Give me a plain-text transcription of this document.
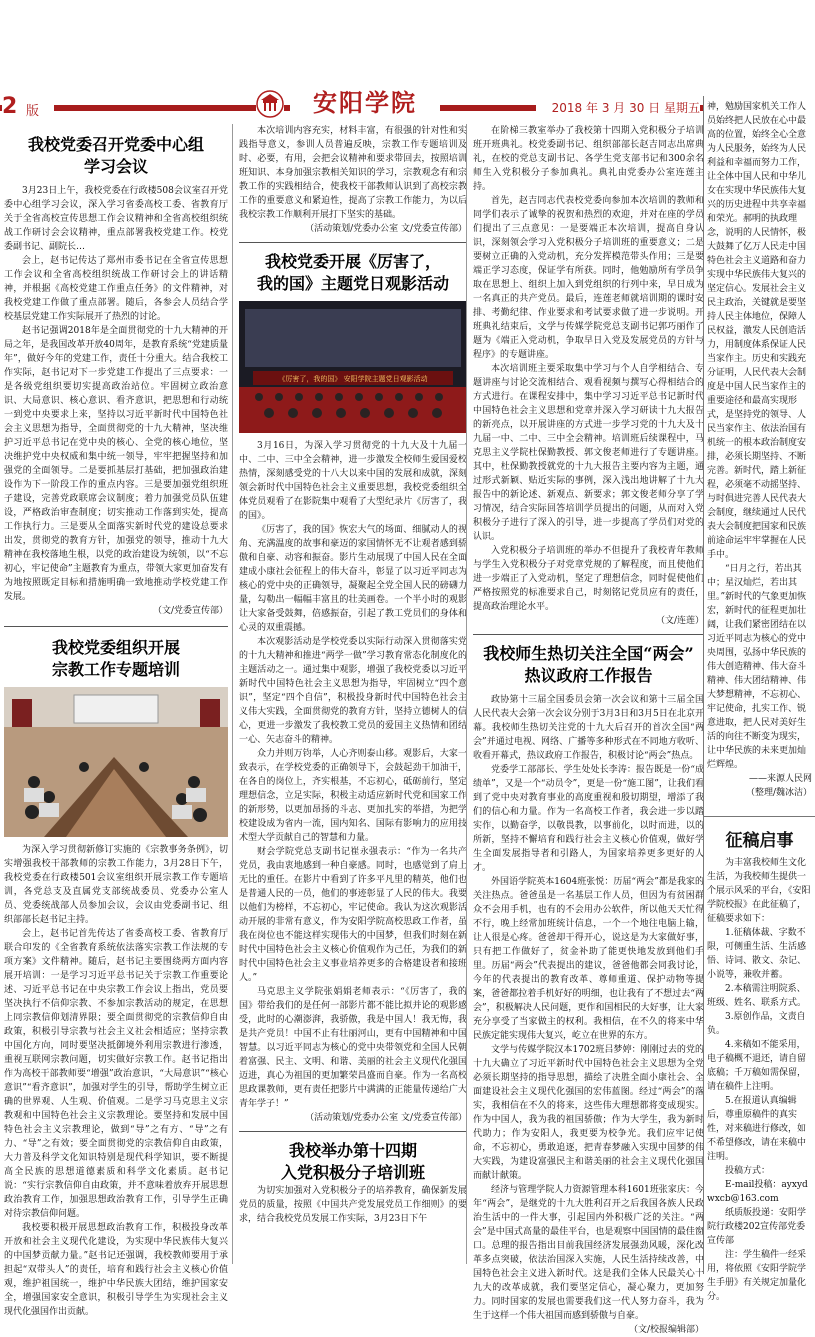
2 版	安阳学院	2018 年 3 月 30 日 星期五
我校党委召开党委中心组
学习会议

3月23日上午，我校党委在行政楼508会议室召开党委中心组学习会议，深入学习省委高校工委、省教育厅关于全省高校宣传思想工作会议精神和全省高校组织统战工作研讨会会议精神，重点部署我校党建工作。校党委副书记、副院长…

会上，赵书记传达了郑州市委书记在全省宣传思想工作会议和全省高校组织统战工作研讨会上的讲话精神，并根据《高校党建工作重点任务》的文件精神，对我校党建工作做了重点部署。随后，各参会人员结合学校基层党建工作实际展开了热烈的讨论。

赵书记强调2018年是全面贯彻党的十九大精神的开局之年，是我国改革开放40周年，是教育系统“党建质量年”，做好今年的党建工作，责任十分重大。结合我校工作实际，赵书记对下一步党建工作提出了三点要求：一是各级党组织要切实提高政治站位。牢固树立政治意识、大局意识、核心意识、看齐意识，把思想和行动统一到党中央要求上来，坚持以习近平新时代中国特色社会主义思想为指导，全面贯彻党的十九大精神，坚决维护习近平总书记在党中央的核心、全党的核心地位，坚决维护党中央权威和集中统一领导，牢牢把握坚持和加强党的全面领导。二是要抓基层打基础，把加强政治建设作为下一阶段工作的重点内容。三是要加强党组织班子建设，完善党政联席会议制度；着力加强党员队伍建设，严格政治审查制度；切实推动工作落到实处，提高工作执行力。三是要从全面落实新时代党的建设总要求出发，贯彻党的教育方针，加强党的领导，推动十九大精神在我校落地生根，以党的政治建设为统领，以“不忘初心，牢记使命”主题教育为重点，带领大家更加奋发有为地按照既定目标和措施明确一致地推动学校党建工作发展。

（文/党委宣传部）

我校党委组织开展
宗教工作专题培训

为深入学习贯彻新修订实施的《宗教事务条例》，切实增强我校干部教师的宗教工作能力，3月28日下午，我校党委在行政楼501会议室组织开展宗教工作专题培训，各党总支及直属党支部统战委员、党委办公室人员、党委统战部人员参加会议，会议由党委副书记、组织部部长赵书记主持。

会上，赵书记首先传达了省委高校工委、省教育厅联合印发的《全省教育系统依法落实宗教工作法规的专项方案》文件精神。随后，赵书记主要围绕两方面内容展开培训：一是学习习近平总书记关于宗教工作重要论述、习近平总书记在中央宗教工作会议上指出，党员要坚决执行不信仰宗教、不参加宗教活动的规定，在思想上同宗教信仰划清界限；要全面贯彻党的宗教信仰自由政策，积极引导宗教与社会主义社会相适应；坚持宗教中国化方向，同时要坚决抵御境外利用宗教进行渗透，重视互联网宗教问题，切实做好宗教工作。赵书记指出作为高校干部教师要“增强”政治意识，“大局意识”“核心意识”“看齐意识”，加强对学生的引导，帮助学生树立正确的世界观、人生观、价值观。二是学习马克思主义宗教观和中国特色社会主义宗教理论。要坚持和发展中国特色社会主义宗教理论，做到“导”之有方、“导”之有力、“导”之有效；要全面贯彻党的宗教信仰自由政策，大力普及科学文化知识特别是现代科学知识，要不断提高全民族的思想道德素质和科学文化素质。赵书记说：“实行宗教信仰自由政策，并不意味着放弃开展思想政治教育工作，加强思想政治教育工作，引导学生正确对待宗教信仰问题。

我校要积极开展思想政治教育工作，积极投身改革开放和社会主义现代化建设，为实现中华民族伟大复兴的中国梦贡献力量。”赵书记还强调，我校教师要用于承担起“双带头人”的责任，培育和践行社会主义核心价值观，维护祖国统一，维护中华民族大团结，维护国家安全，增强国家安全意识，积极引导学生为实现社会主义现代化强国作出贡献。

本次培训内容充实，材料丰富，有很强的针对性和实践指导意义，参训人员普遍反映，宗教工作专题培训及时、必要，有用，会把会议精神和要求带回去，按照培训班知识、本身加强宗教相关知识的学习，宗教观念有和宗教工作的实践相结合，使我校干部教师认识到了高校宗教工作的重要意义和紧迫性，提高了宗教工作能力，为以后我校宗教工作顺利开展打下坚实的基础。

（活动策划/党委办公室 文/党委宣传部）

我校党委开展《厉害了，
我的国》主题党日观影活动
《厉害了，我的国》 安阳学院主题党日观影活动

3月16日，为深入学习贯彻党的十九大及十九届一中、二中、三中全会精神，进一步激发全校师生爱国爱校热情，深刻感受党的十八大以来中国的发展和成就，深刻领会新时代中国特色社会主义重要思想，我校党委组织全体党员观看了在影院集中观看了大型纪录片《厉害了，我的国》。

《厉害了，我的国》恢宏大气的场面、细腻动人的视角、充满温度的故事和豪迈的家国情怀无不让观者感到骄傲和自豪、动容和振奋。影片生动展现了中国人民在全面建成小康社会征程上的伟大奋斗，彰显了以习近平同志为核心的党中央的正确领导，凝聚起全党全国人民的磅礴力量，勾勒出一幅幅丰富且的壮美画卷。一个半小时的观影让大家备受鼓舞，倍感振奋，引起了教工党员们的身体和心灵的双重震撼。

本次观影活动是学校党委以实际行动深入贯彻落实党的十九大精神和推进“两学一做”学习教育常态化制度化的主题活动之一。通过集中观影，增强了我校党委以习近平新时代中国特色社会主义思想为指导，牢固树立“四个意识”，坚定“四个自信”，积极投身新时代中国特色社会主义伟大实践，全面贯彻党的教育方针，坚持立德树人的信心，更进一步激发了我校教工党员的爱国主义热情和团结一心、矢志奋斗的精神。

众力并则万钧举，人心齐则泰山移。观影后，大家一致表示，在学校党委的正确领导下，会鼓起劲干加油干，在各自的岗位上，齐实根基，不忘初心，砥砺前行，坚定理想信念，立足实际，积极主动适应新时代党和国家工作的新形势，以更加昂扬的斗志、更加扎实的举措，为把学校建设成为省内一流，国内知名、国际有影响力的应用技术型大学贡献自己的智慧和力量。

财会学院党总支副书记崔永强表示：“作为一名共产党员，我由衷地感到一种自豪感。同时，也感觉到了肩上无比的重任。在影片中看到了许多平凡里的精英，他们也是普通人民的一员，他们的事迹彰显了人民的伟大。我要以他们为榜样，不忘初心，牢记使命。我认为这次观影活动开展的非常有意义，作为安阳学院高校思政工作者，虽我在岗位也不能这样实现伟大的中国梦，但我们时刻在新时代中国特色社会主义核心价值观作为己任，为我们的新时代中国特色社会主义事业培养更多的合格建设者和接班人。”

马克思主义学院张娟娟老师表示：“《厉害了，我的国》带给我们的是任何一部影片都不能比拟并论的观影感受，此时的心潮澎湃，我骄傲，我是中国人！我无悔，我是共产党员！中国不止有壮丽河山，更有中国精神和中国智慧。以习近平同志为核心的党中央带领党和全国人民朝着富强、民主、文明、和谐、美丽的社会主义现代化强国迈进，真心为祖国的更加繁荣昌盛而自豪。作为一名高校思政课教师，更有责任把影片中满满的正能量传递给广大青年学子！”

（活动策划/党委办公室 文/党委宣传部）

我校举办第十四期
入党积极分子培训班

为切实加强对入党积极分子的培养教育，确保新发展党员的质量，按照《中国共产党发展党员工作细则》的要求，结合我校党员发展工作实际，3月23日下午

在阶梯三教室举办了我校第十四期入党积极分子培训班开班典礼。校党委副书记、组织部部长赵吉同志出席典礼，在校的党总支副书记、各学生党支部书记和300余名师生入党积极分子参加典礼。典礼由党委办公室连莲主持。

首先，赵吉同志代表校党委向参加本次培训的教师和同学们表示了诚挚的祝贺和热烈的欢迎，并对在座的学员们提出了三点意见：一是要端正本次培训，提高自身认识，深刻领会学习入党积极分子培训班的重要意义；二是要树立正确的入党动机，充分发挥模范带头作用；三是要端正学习态度，保证学有所获。同时，他勉励所有学员争取在思想上、组织上加入到党组织的行列中来，早日成为一名真正的共产党员。最后，连莲老师就培训期的课时安排、考勤纪律、作业要求和考试要求做了进一步说明。开班典礼结束后，文学与传媒学院党总支副书记郭巧丽作了题为《端正入党动机，争取早日入党及发展党员的方针与程序》的专题讲座。

本次培训班主要采取集中学习与个人自学相结合、专题讲座与讨论交流相结合、观看视频与撰写心得相结合的方式进行。在课程安排中，集中学习习近平总书记新时代中国特色社会主义思想和党章并深入学习研读十九大报告的新亮点，以开展讲座的方式进一步学习党的十九大及十九届一中、二中、三中全会精神。培训班后续课程中，马克思主义学院杜保勤教授、郭文俊老师进行了专题讲座。其中，杜保勤教授就党的十九大报告主要内容为主题，通过形式新颖、贴近实际的事例，深入浅出地讲解了十九大报告中的新论述、新观点、新要求；郭文俊老师分享了学习情况，结合实际回答培训学员提出的问题，从而对入党积极分子进行了深入的引导，进一步提高了学员们对党的认识。

入党积极分子培训班的举办不但提升了我校青年教师与学生入党积极分子对党章党规的了解程度，而且使他们进一步端正了入党动机，坚定了理想信念，同时促使他们严格按照党的标准要求自己，时刻铭记党员应有的责任，提高政治理论水平。

（文/连莲）

我校师生热切关注全国“两会”
热议政府工作报告

政协第十三届全国委员会第一次会议和第十三届全国人民代表大会第一次会议分别于3月3日和3月5日在北京开幕。我校师生热切关注党的十九大后召开的首次全国“两会”并通过电视、网络、广播等多种形式在不同地方收听、收看开幕式，热议政府工作报告，积极讨论“两会”热点。

党委学工部部长、学生处处长李涛：报告既是一份“成绩单”，又是一个“动员令”，更是一份“施工图”，让我们看到了党中央对教育事业的高度重视和殷切期望，增添了我们的信心和力量。作为一名高校工作者，我会进一步以踏实作，以勤奋学，以敬畏教，以事前化，以时而进，以的所新，坚持不懈培育和践行社会主义核心价值观，做好学生全面发展指导者和引路人，为国家培养更多更好的人才。

外国语学院英本1604班张悦：历届“两会”都是我家的关注热点。爸爸虽是一名基层工作人员，但因为有贫困群众不会用手机，也有的不会用办公软件，所以他天天忙得不行，晚上经常加班统计信息，一个一个地往电脑上输，让人很是心疼。爸爸却干得开心，说这是为大家做好事，只有把工作做好了，贫金补助了能更快地发放到他们手里。历届“两会”代表提出的建议，爸爸他都会同我讨论，今年的代表提出的教育改革、尊师重道、保护动物等提案，爸爸都拉着手机好好的明细，也让我有了不想过去“两会”，积极解决人民问题，更作和国相民的大好事，让大家充分享受了当家做主的权利。我相信，在不久的将来中华民族定能实现伟大复兴，屹立在世界的东方。

文学与传媒学院汉本1702班吕梦婷：刚刚过去的党的十九大确立了习近平新时代中国特色社会主义思想为全党必须长期坚持的指导思想，描绘了决胜全面小康社会、全面建设社会主义现代化强国的宏伟蓝图。经过“两会”的落实，我相信在不久的将来，这些伟大理想都将变成现实。作为中国人，我为我的祖国骄傲；作为大学生，我为新时代助力；作为安阳人，我更要为校争光。我们应牢记使命，不忘初心，勇敢追逐，把青春梦融入实现中国梦的伟大实践，为建设富强民主和谐美丽的社会主义现代化强国而献计献策。

经济与管理学院人力资源管理本科1601班张家庆：今年“两会”，是继党的十九大胜利召开之后我国各族人民政治生活中的一件大事，引起国内外积极广泛的关注。“两会”是中国式高量的最佳平台，也是观察中国国情的最佳窗口。总理的报告指出目前我国经济发展强劲风暖，深化改革多点突破，依法治国深入实施，人民生活持续改善，中国特色社会主义进入新时代。这是我们全体人民最关心十九大的改革成就，我们要坚定信心，凝心聚力，更加努力。同时国家的发展也需要我们这一代人努力奋斗，我为生于这样一个伟大祖国而感到骄傲与自豪。

（文/校报编辑部）

神，勉励国家机关工作人员始终把人民放在心中最高的位置，始终全心全意为人民服务，始终为人民利益和幸福而努力工作，让全体中国人民和中华儿女在实现中华民族伟大复兴的历史进程中共享幸福和荣光。郝明的执政理念，说明的人民情怀，极大鼓舞了亿万人民走中国特色社会主义道路和奋力实现中华民族伟大复兴的坚定信心。发展社会主义民主政治，关键就是要坚持人民主体地位，保障人民权益，激发人民创造活力，用制度体系保证人民当家作主。历史和实践充分证明，人民代表大会制度是中国人民当家作主的重要途径和最高实现形式，是坚持党的领导、人民当家作主、依法治国有机统一的根本政治制度安排，必须长期坚持、不断完善。新时代，踏上新征程，必须毫不动摇坚持、与时俱进完善人民代表大会制度，继续通过人民代表大会制度把国家和民族前途命运牢牢掌握在人民手中。

“日月之行，若出其中；星汉灿烂，若出其里。”新时代的气象更加恢宏，新时代的征程更加壮阔，让我们紧密团结在以习近平同志为核心的党中央周围，弘扬中华民族的伟大创造精神、伟大奋斗精神、伟大团结精神、伟大梦想精神，不忘初心、牢记使命，扎实工作、锐意进取，把人民对美好生活的向往不断变为现实，让中华民族的未来更加灿烂辉煌。

——来源人民网

（整理/魏冰洁）

征稿启事

为丰富我校师生文化生活，为我校师生提供一个展示风采的平台，《安阳学院校报》在此征稿了，征稿要求如下：

1.征稿体裁、字数不限，可侧重生活、生活感悟、诗词、散文、杂记、小说等，兼收并蓄。

2.本稿需注明院系、班级、姓名、联系方式。

3.原创作品，文责自负。

4.来稿如不能采用，电子稿概不退还，请自留底稿；千万稿如需保留，请在稿件上注明。

5.在报道认真编辑后，尊重原稿件的真实性，对来稿进行修改，如不希望修改，请在来稿中注明。

投稿方式：

E-mail投稿：ayxydwxcb@163.com

纸质版投递：安阳学院行政楼202宣传部党委宣传部

注：学生稿件一经采用，将依照《安阳学院学生手册》有关规定加量化分。
